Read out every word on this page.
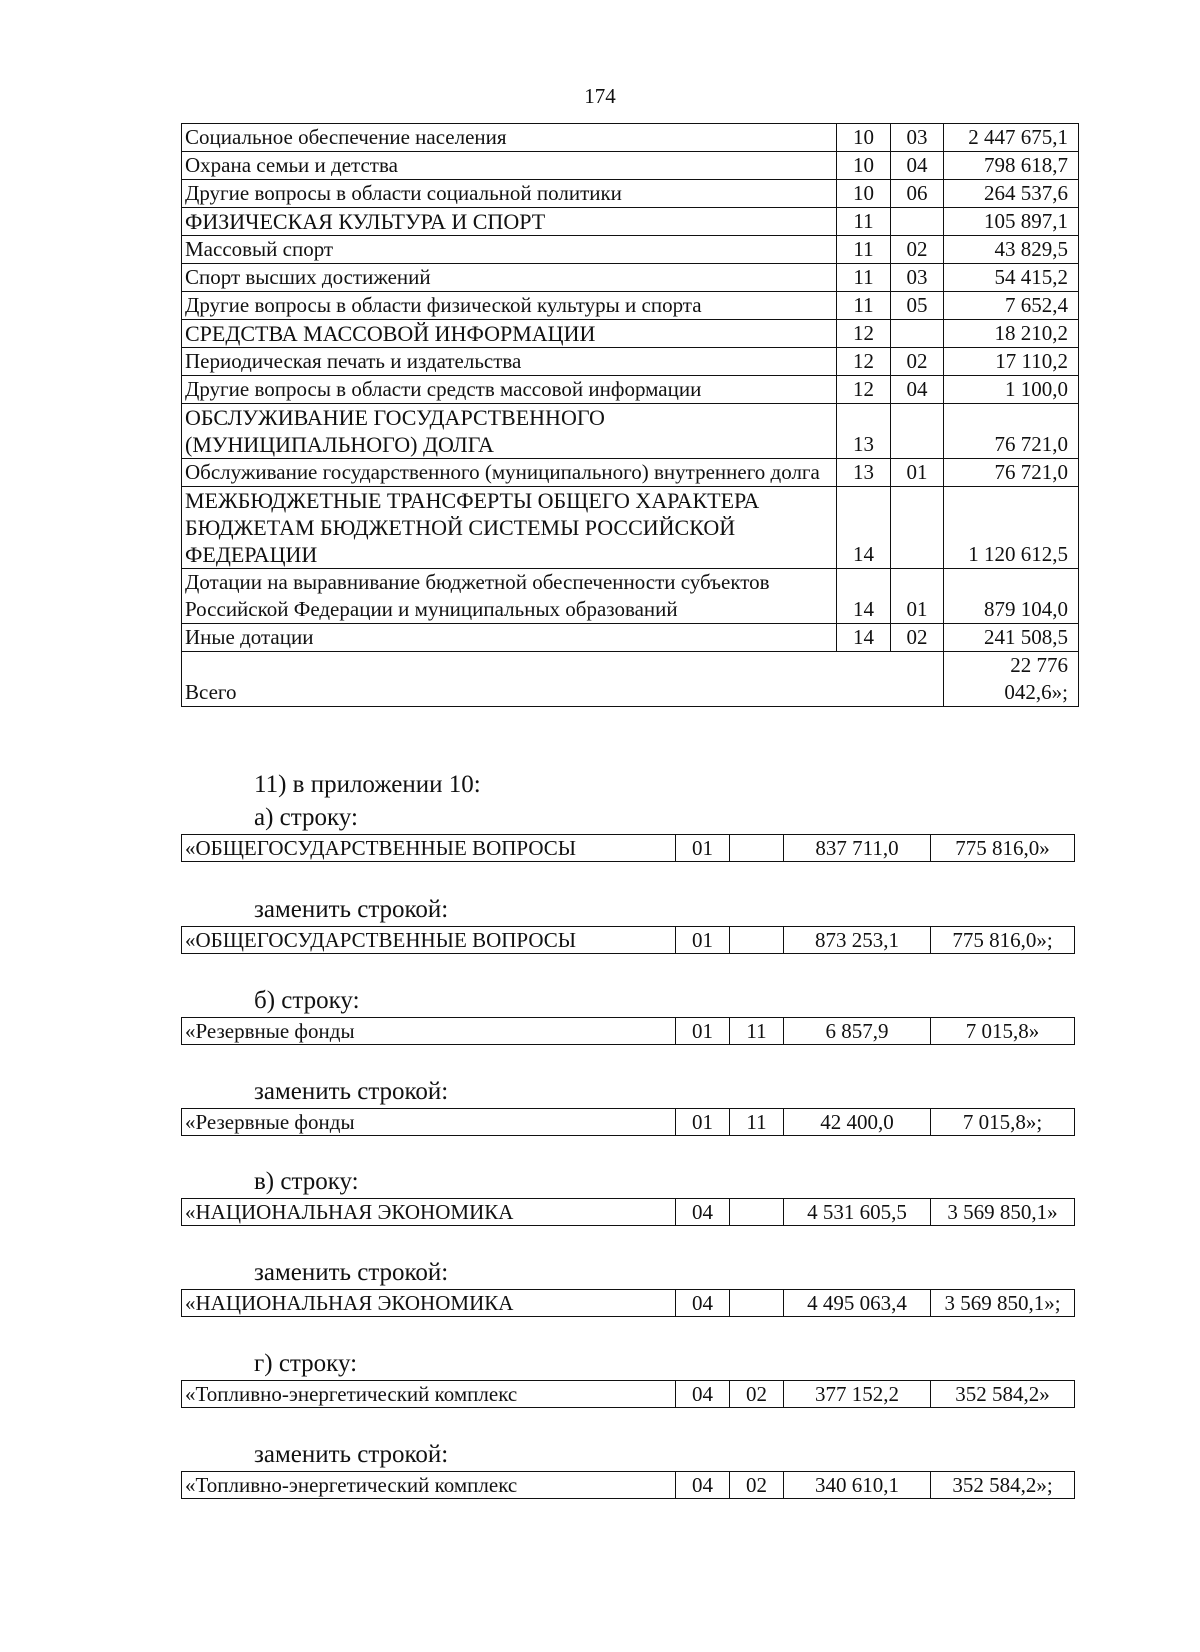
174
Социальное обеспечение населения	10	03	2 447 675,1
Охрана семьи и детства	10	04	798 618,7
Другие вопросы в области социальной политики	10	06	264 537,6
ФИЗИЧЕСКАЯ КУЛЬТУРА И СПОРТ	11		105 897,1
Массовый спорт	11	02	43 829,5
Спорт высших достижений	11	03	54 415,2
Другие вопросы в области физической культуры и спорта	11	05	7 652,4
СРЕДСТВА МАССОВОЙ ИНФОРМАЦИИ	12		18 210,2
Периодическая печать и издательства	12	02	17 110,2
Другие вопросы в области средств массовой информации	12	04	1 100,0
ОБСЛУЖИВАНИЕ ГОСУДАРСТВЕННОГО (МУНИЦИПАЛЬНОГО) ДОЛГА	13		76 721,0
Обслуживание государственного (муниципального) внутреннего долга	13	01	76 721,0
МЕЖБЮДЖЕТНЫЕ ТРАНСФЕРТЫ ОБЩЕГО ХАРАКТЕРА БЮДЖЕТАМ БЮДЖЕТНОЙ СИСТЕМЫ РОССИЙСКОЙ ФЕДЕРАЦИИ	14		1 120 612,5
Дотации на выравнивание бюджетной обеспеченности субъектов Российской Федерации и муниципальных образований	14	01	879 104,0
Иные дотации	14	02	241 508,5
Всего			22 776 042,6»;
11) в приложении 10:
а) строку:
«ОБЩЕГОСУДАРСТВЕННЫЕ ВОПРОСЫ	01		837 711,0	775 816,0»
заменить строкой:
«ОБЩЕГОСУДАРСТВЕННЫЕ ВОПРОСЫ	01		873 253,1	775 816,0»;
б) строку:
«Резервные фонды	01	11	6 857,9	7 015,8»
заменить строкой:
«Резервные фонды	01	11	42 400,0	7 015,8»;
в) строку:
«НАЦИОНАЛЬНАЯ ЭКОНОМИКА	04		4 531 605,5	3 569 850,1»
заменить строкой:
«НАЦИОНАЛЬНАЯ ЭКОНОМИКА	04		4 495 063,4	3 569 850,1»;
г) строку:
«Топливно-энергетический комплекс	04	02	377 152,2	352 584,2»
заменить строкой:
«Топливно-энергетический комплекс	04	02	340 610,1	352 584,2»;
